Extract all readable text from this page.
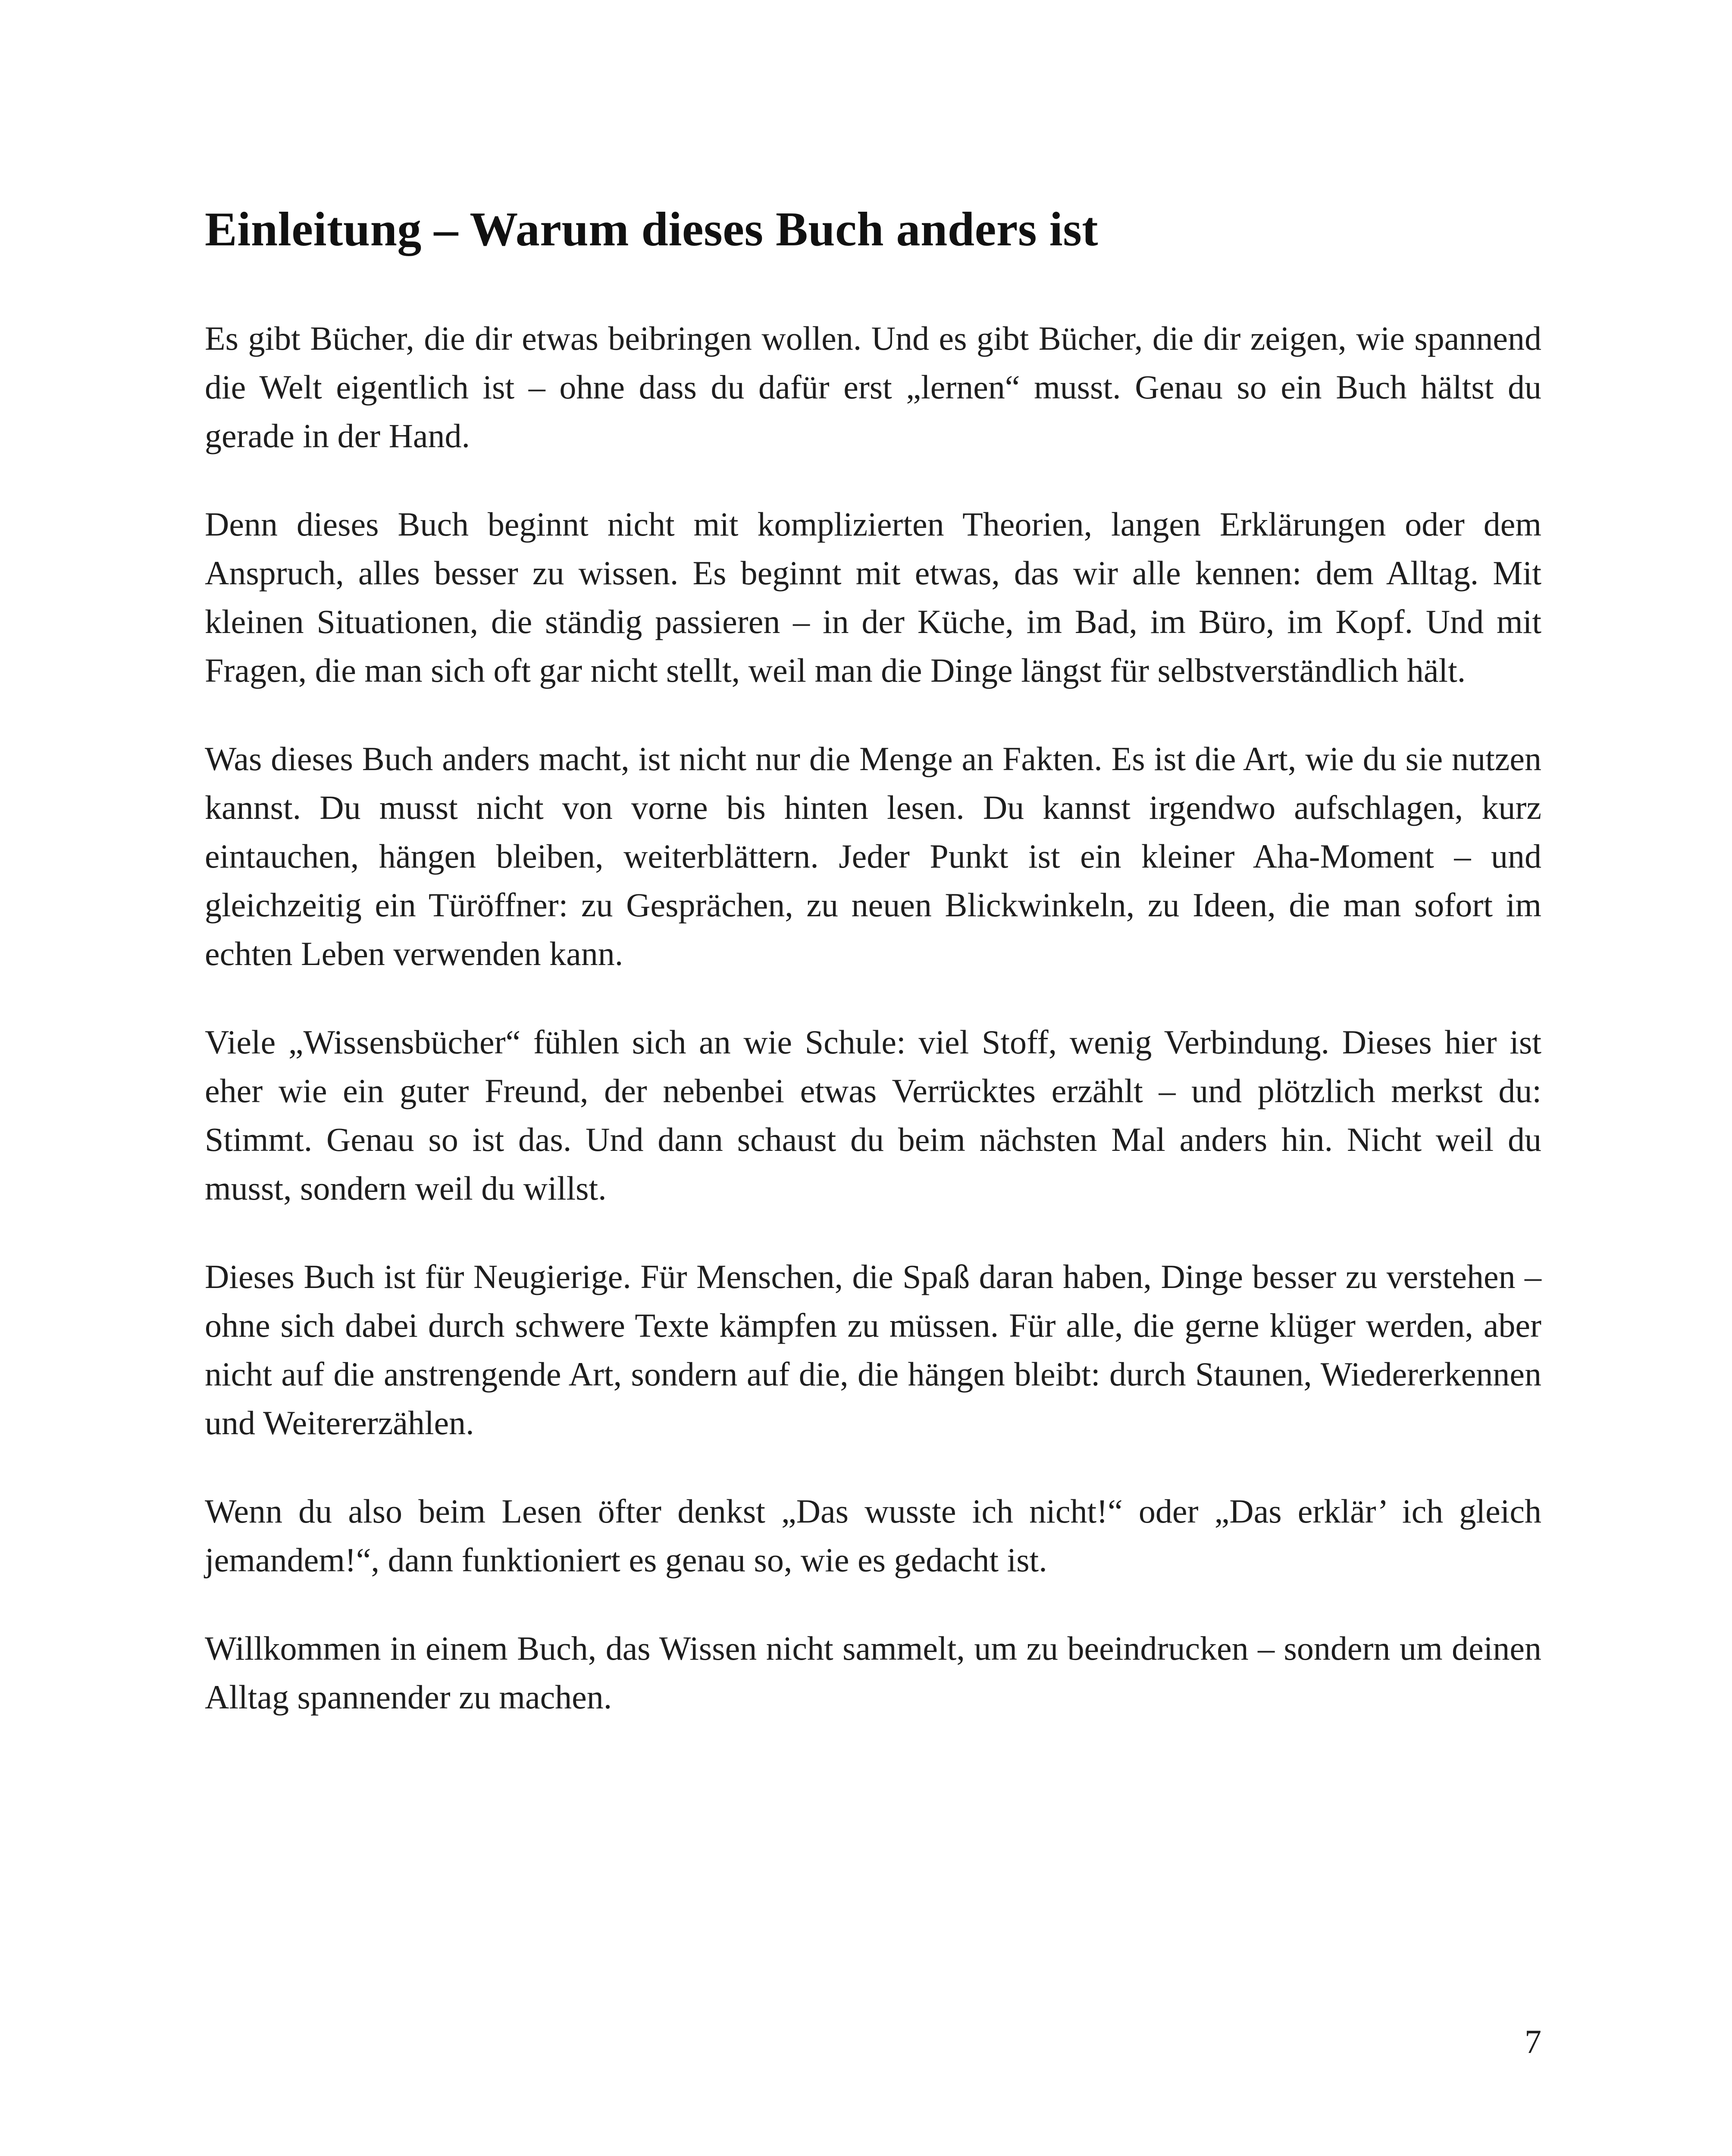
Einleitung – Warum dieses Buch anders ist

Es gibt Bücher, die dir etwas beibringen wollen. Und es gibt Bücher, die dir zeigen, wie spannend die Welt eigentlich ist – ohne dass du dafür erst „lernen“ musst. Genau so ein Buch hältst du gerade in der Hand.

Denn dieses Buch beginnt nicht mit komplizierten Theorien, langen Erklärungen oder dem Anspruch, alles besser zu wissen. Es beginnt mit etwas, das wir alle kennen: dem Alltag. Mit kleinen Situationen, die ständig passieren – in der Küche, im Bad, im Büro, im Kopf. Und mit Fragen, die man sich oft gar nicht stellt, weil man die Dinge längst für selbstverständlich hält.

Was dieses Buch anders macht, ist nicht nur die Menge an Fakten. Es ist die Art, wie du sie nutzen kannst. Du musst nicht von vorne bis hinten lesen. Du kannst irgendwo aufschlagen, kurz eintauchen, hängen bleiben, weiterblättern. Jeder Punkt ist ein kleiner Aha-Moment – und gleichzeitig ein Türöffner: zu Gesprächen, zu neuen Blickwinkeln, zu Ideen, die man sofort im echten Leben verwenden kann.

Viele „Wissensbücher“ fühlen sich an wie Schule: viel Stoff, wenig Verbindung. Dieses hier ist eher wie ein guter Freund, der nebenbei etwas Verrücktes erzählt – und plötzlich merkst du: Stimmt. Genau so ist das. Und dann schaust du beim nächsten Mal anders hin. Nicht weil du musst, sondern weil du willst.

Dieses Buch ist für Neugierige. Für Menschen, die Spaß daran haben, Dinge besser zu verstehen – ohne sich dabei durch schwere Texte kämpfen zu müssen. Für alle, die gerne klüger werden, aber nicht auf die anstrengende Art, sondern auf die, die hängen bleibt: durch Staunen, Wiedererkennen und Weitererzählen.

Wenn du also beim Lesen öfter denkst „Das wusste ich nicht!“ oder „Das erklär’ ich gleich jemandem!“, dann funktioniert es genau so, wie es gedacht ist.

Willkommen in einem Buch, das Wissen nicht sammelt, um zu beeindrucken – sondern um deinen Alltag spannender zu machen.

7
